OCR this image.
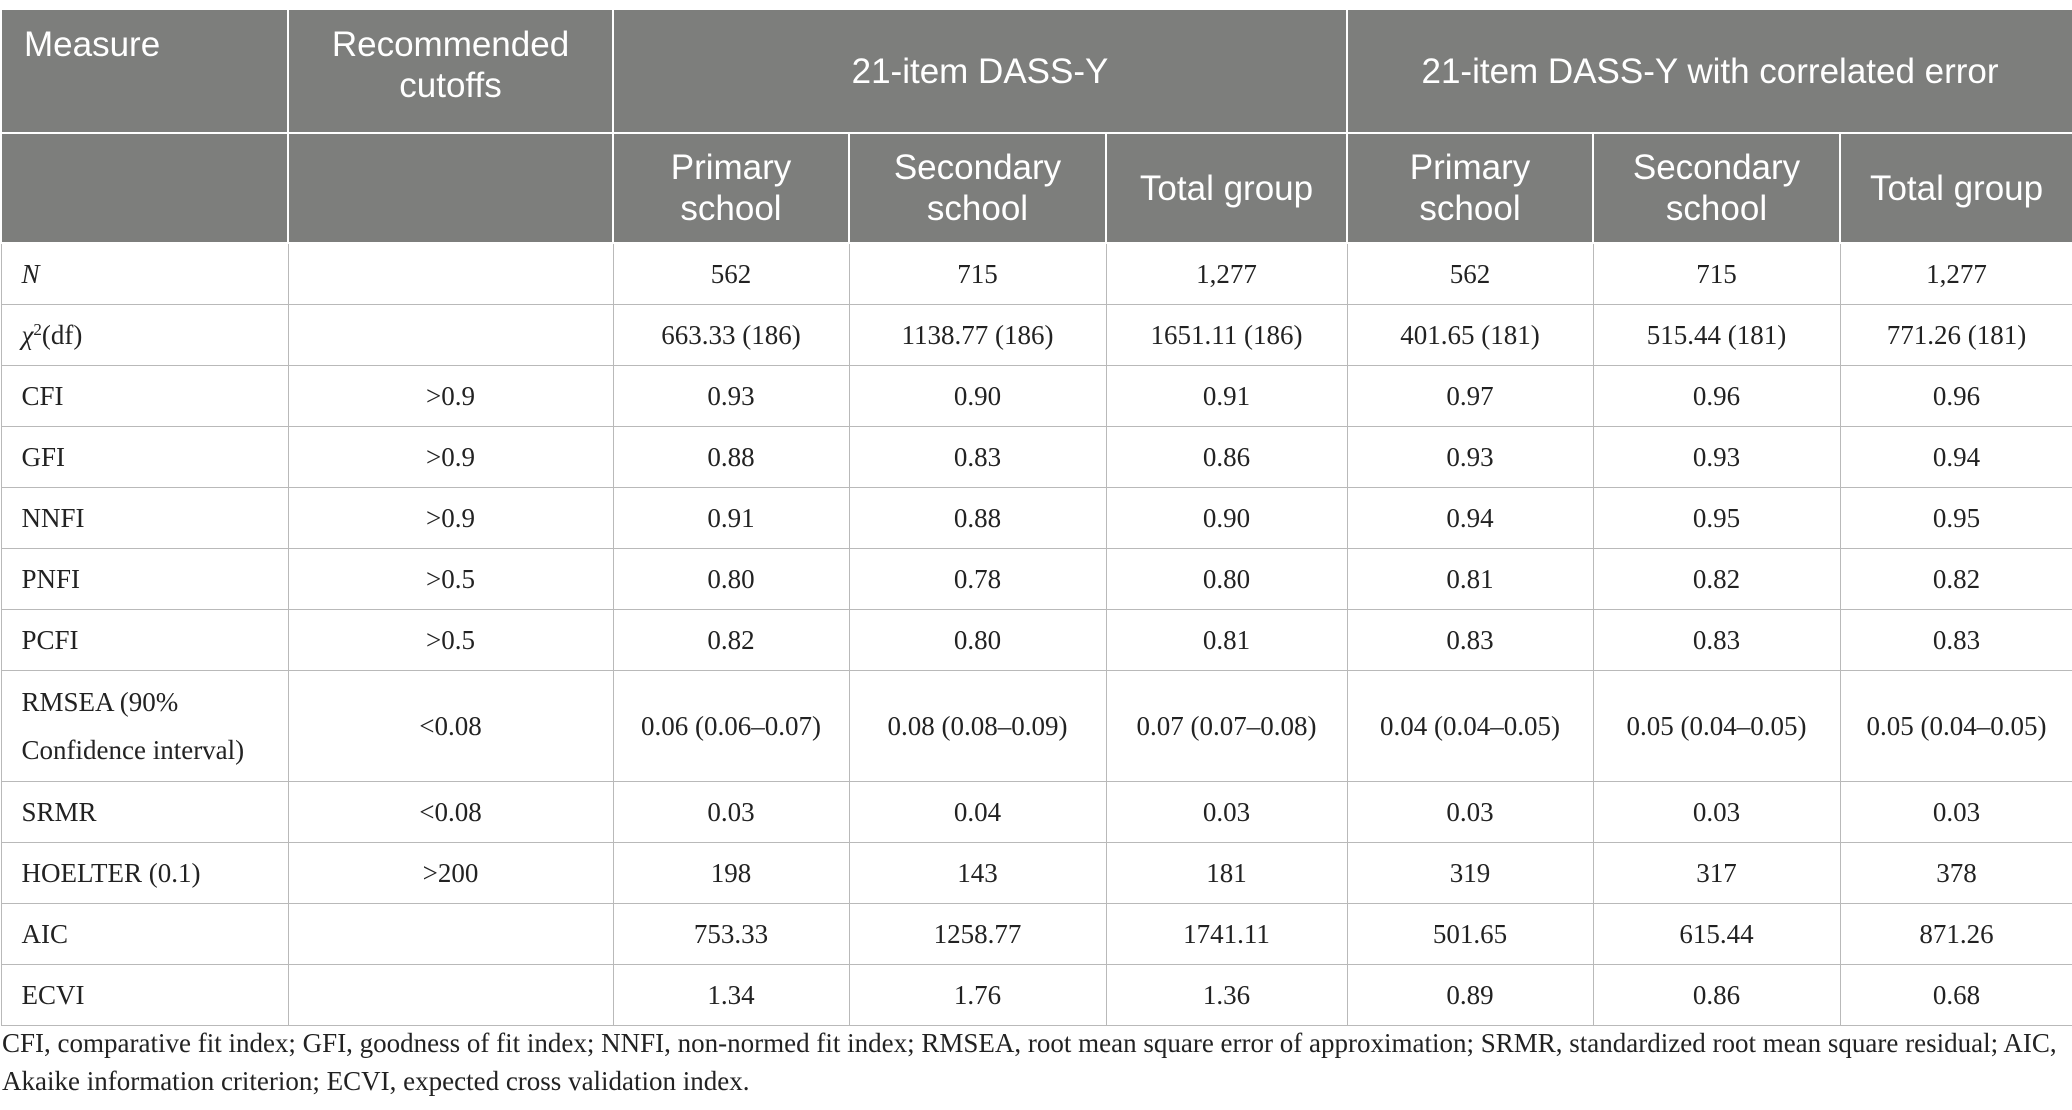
Measure	Recommended cutoffs	21-item DASS-Y			21-item DASS-Y with correlated error		
		Primary school	Secondary school	Total group	Primary school	Secondary school	Total group
N		562	715	1,277	562	715	1,277
$\chi^2(df)$		663.33 (186)	1138.77 (186)	1651.11 (186)	401.65 (181)	515.44 (181)	771.26 (181)
CFI	>0.9	0.93	0.90	0.91	0.97	0.96	0.96
GFI	>0.9	0.88	0.83	0.86	0.93	0.93	0.94
NNFI	>0.9	0.91	0.88	0.90	0.94	0.95	0.95
PNFI	>0.5	0.80	0.78	0.80	0.81	0.82	0.82
PCFI	>0.5	0.82	0.80	0.81	0.83	0.83	0.83
RMSEA (90% Confidence interval)	<0.08	0.06 (0.06–0.07)	0.08 (0.08–0.09)	0.07 (0.07–0.08)	0.04 (0.04–0.05)	0.05 (0.04–0.05)	0.05 (0.04–0.05)
SRMR	<0.08	0.03	0.04	0.03	0.03	0.03	0.03
HOELTER (0.1)	>200	198	143	181	319	317	378
AIC		753.33	1258.77	1741.11	501.65	615.44	871.26
ECVI		1.34	1.76	1.36	0.89	0.86	0.68
CFI, comparative fit index; GFI, goodness of fit index; NNFI, non-normed fit index; RMSEA, root mean square error of approximation; SRMR, standardized root mean square residual; AIC, Akaike information criterion; ECVI, expected cross validation index.
